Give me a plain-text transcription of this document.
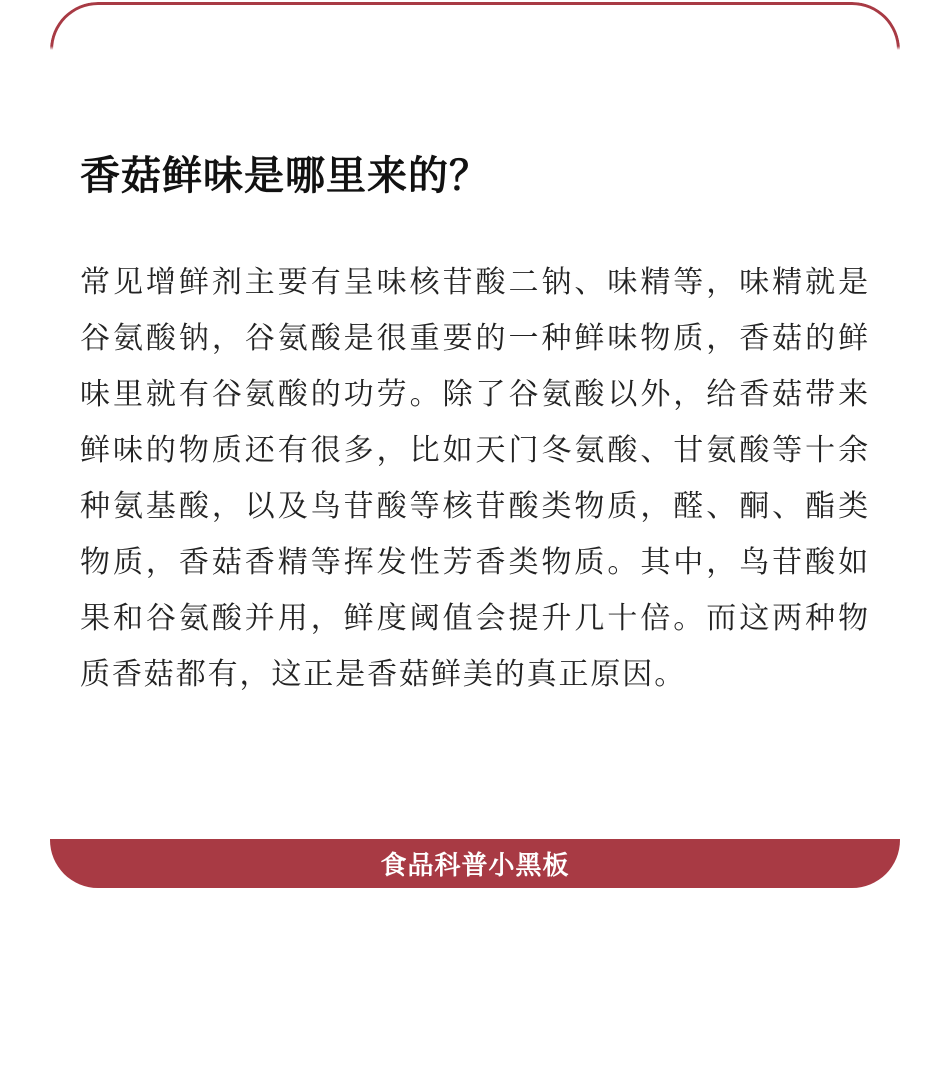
香菇鲜味是哪里来的？

常见增鲜剂主要有呈味核苷酸二钠、味精等，味精就是谷氨酸钠，谷氨酸是很重要的一种鲜味物质，香菇的鲜味里就有谷氨酸的功劳。除了谷氨酸以外，给香菇带来鲜味的物质还有很多，比如天门冬氨酸、甘氨酸等十余种氨基酸，以及鸟苷酸等核苷酸类物质，醛、酮、酯类物质，香菇香精等挥发性芳香类物质。其中，鸟苷酸如果和谷氨酸并用，鲜度阈值会提升几十倍。而这两种物质香菇都有，这正是香菇鲜美的真正原因。

食品科普小黑板
